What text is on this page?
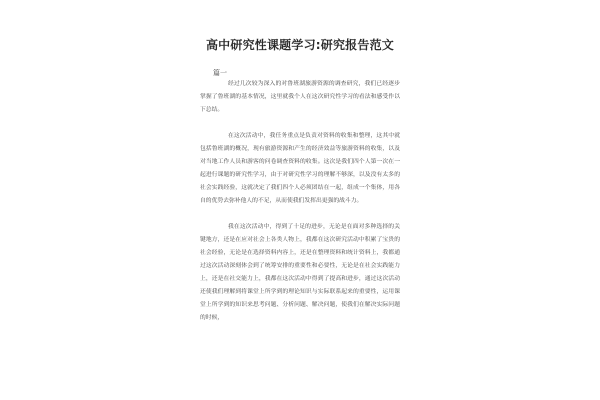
高中研究性课题学习:研究报告范文
篇一

经过几次较为深入的对鲁班湖旅游资源的调查研究，我们已经逐步掌握了鲁班湖的基本情况，这里就我个人在这次研究性学习的看法和感受作以下总结。

在这次活动中，我任务重点是负责对资料的收集和整理，这其中就包括鲁班湖的概况，现有旅游资源和产生的经济效益等旅游资料的收集，以及对当地工作人员和游客的问卷调查资料的收集。这次是我们四个人第一次在一起进行课题的研究性学习，由于对研究性学习的理解不够深，以及没有太多的社会实践经验，这就决定了我们四个人必须团结在一起，组成一个集体，用各自的优势去弥补他人的不足，从而使我们发挥出更强的战斗力。

我在这次活动中，得到了十足的进步，无论是在面对多种选择的关键地方，还是在应对社会上各类人物上，我都在这次研究活动中积累了宝贵的社会经验，无论是在选择资料内容上，还是在整理资料和统计资料上，我都通过这次活动深刻体会到了统筹安排的重要性和必要性，无论是在社会实践能力上，还是在社交能力上，我都在这次活动中得到了提高和进步，通过这次活动还使我们理解到将课堂上所学到的理论知识与实际联系起来的重要性，运用课堂上所学到的知识来思考问题、分析问题、解决问题，使我们在解决实际问题的时候，
